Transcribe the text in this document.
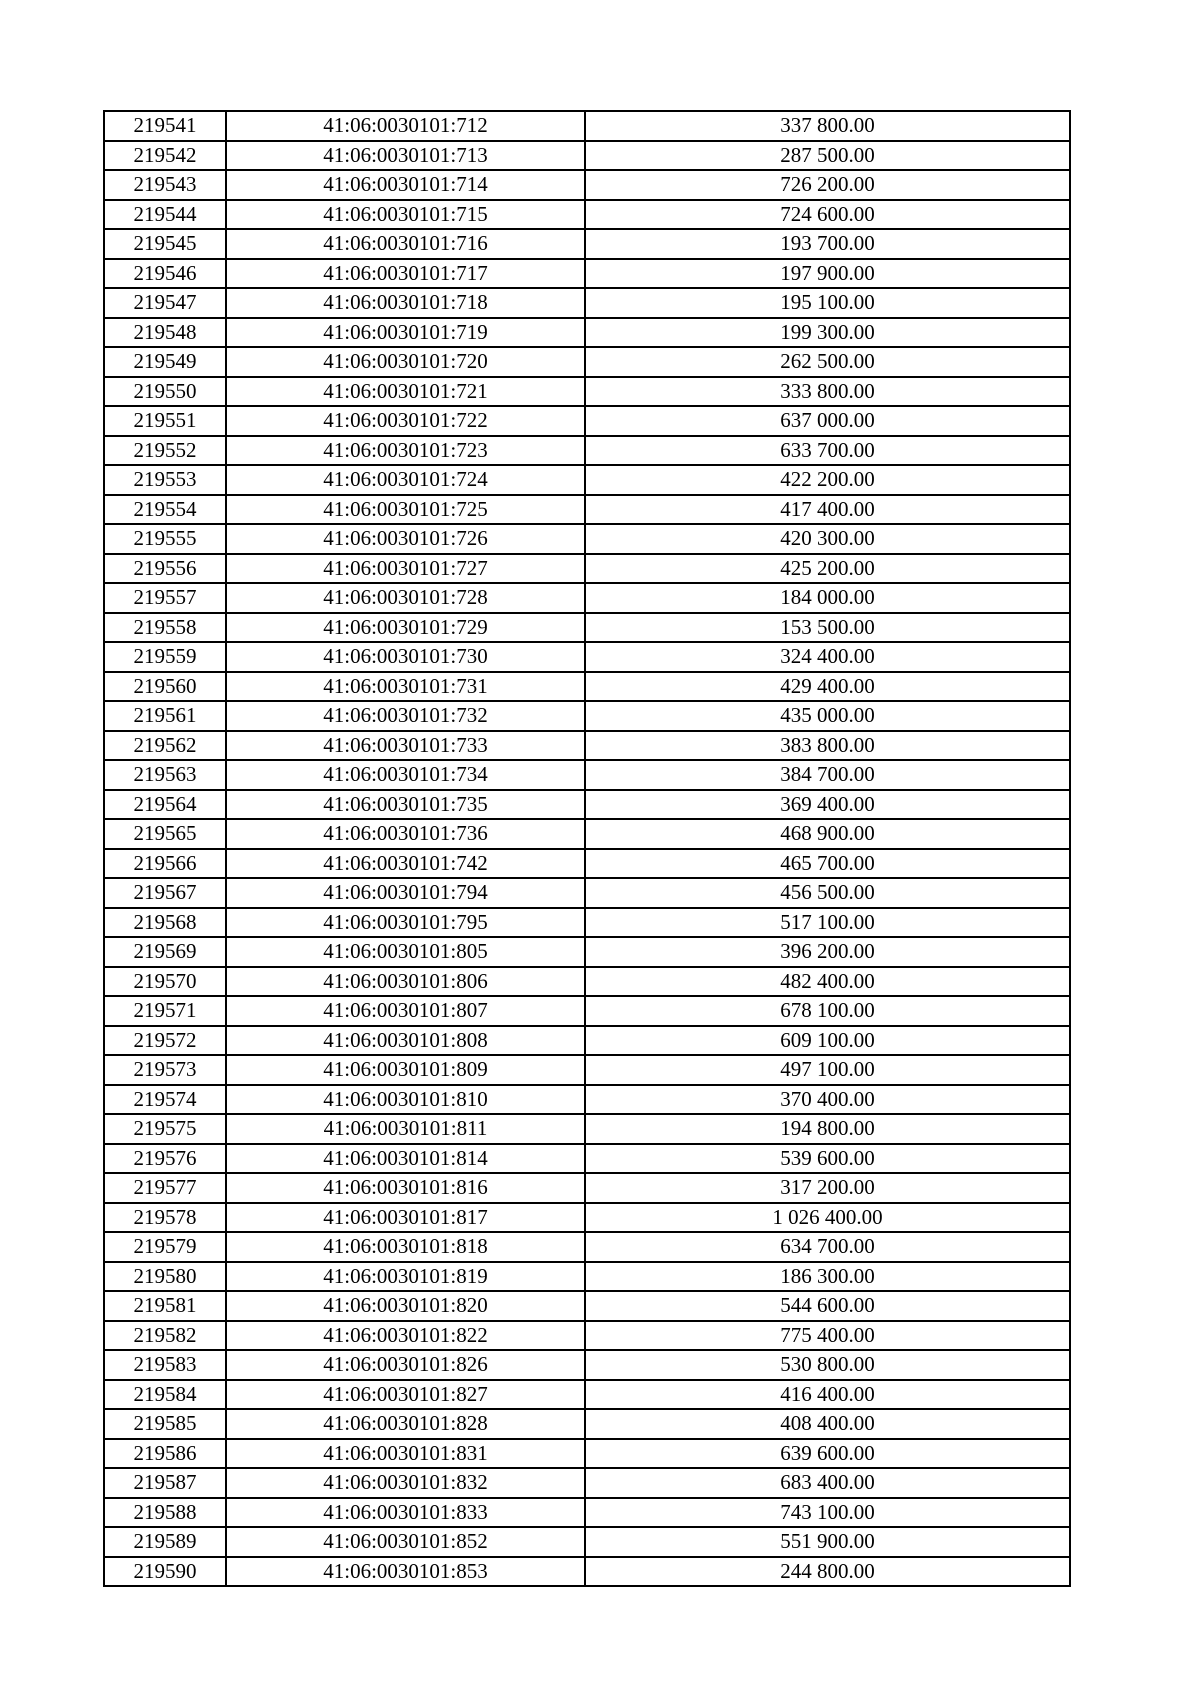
219541	41:06:0030101:712	337 800.00
219542	41:06:0030101:713	287 500.00
219543	41:06:0030101:714	726 200.00
219544	41:06:0030101:715	724 600.00
219545	41:06:0030101:716	193 700.00
219546	41:06:0030101:717	197 900.00
219547	41:06:0030101:718	195 100.00
219548	41:06:0030101:719	199 300.00
219549	41:06:0030101:720	262 500.00
219550	41:06:0030101:721	333 800.00
219551	41:06:0030101:722	637 000.00
219552	41:06:0030101:723	633 700.00
219553	41:06:0030101:724	422 200.00
219554	41:06:0030101:725	417 400.00
219555	41:06:0030101:726	420 300.00
219556	41:06:0030101:727	425 200.00
219557	41:06:0030101:728	184 000.00
219558	41:06:0030101:729	153 500.00
219559	41:06:0030101:730	324 400.00
219560	41:06:0030101:731	429 400.00
219561	41:06:0030101:732	435 000.00
219562	41:06:0030101:733	383 800.00
219563	41:06:0030101:734	384 700.00
219564	41:06:0030101:735	369 400.00
219565	41:06:0030101:736	468 900.00
219566	41:06:0030101:742	465 700.00
219567	41:06:0030101:794	456 500.00
219568	41:06:0030101:795	517 100.00
219569	41:06:0030101:805	396 200.00
219570	41:06:0030101:806	482 400.00
219571	41:06:0030101:807	678 100.00
219572	41:06:0030101:808	609 100.00
219573	41:06:0030101:809	497 100.00
219574	41:06:0030101:810	370 400.00
219575	41:06:0030101:811	194 800.00
219576	41:06:0030101:814	539 600.00
219577	41:06:0030101:816	317 200.00
219578	41:06:0030101:817	1 026 400.00
219579	41:06:0030101:818	634 700.00
219580	41:06:0030101:819	186 300.00
219581	41:06:0030101:820	544 600.00
219582	41:06:0030101:822	775 400.00
219583	41:06:0030101:826	530 800.00
219584	41:06:0030101:827	416 400.00
219585	41:06:0030101:828	408 400.00
219586	41:06:0030101:831	639 600.00
219587	41:06:0030101:832	683 400.00
219588	41:06:0030101:833	743 100.00
219589	41:06:0030101:852	551 900.00
219590	41:06:0030101:853	244 800.00
